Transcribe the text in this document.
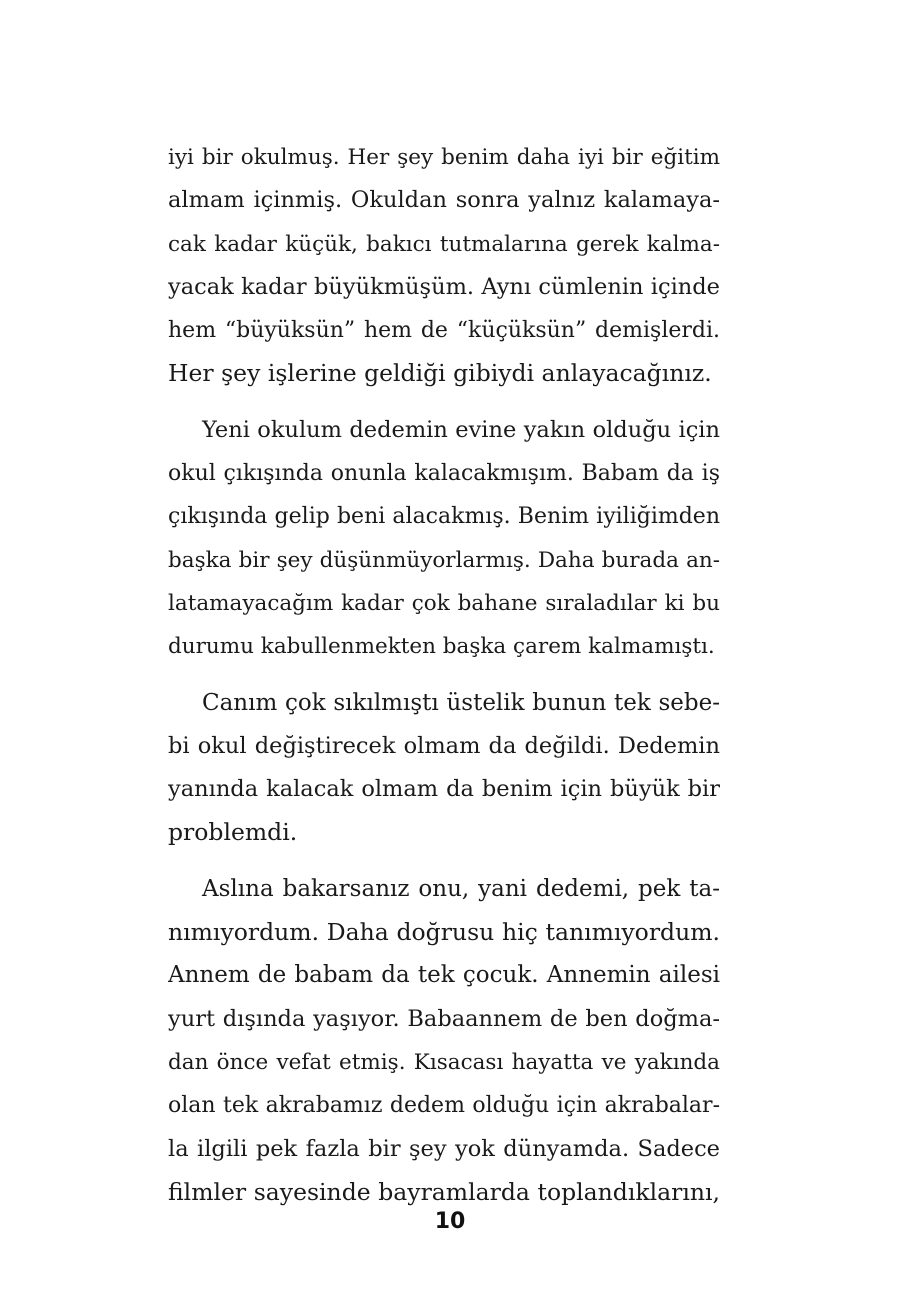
iyi bir okulmuş. Her şey benim daha iyi bir eğitim
almam içinmiş. Okuldan sonra yalnız kalamaya-
cak kadar küçük, bakıcı tutmalarına gerek kalma-
yacak kadar büyükmüşüm. Aynı cümlenin içinde
hem “büyüksün” hem de “küçüksün” demişlerdi.
Her şey işlerine geldiği gibiydi anlayacağınız.

Yeni okulum dedemin evine yakın olduğu için
okul çıkışında onunla kalacakmışım. Babam da iş
çıkışında gelip beni alacakmış. Benim iyiliğimden
başka bir şey düşünmüyorlarmış. Daha burada an-
latamayacağım kadar çok bahane sıraladılar ki bu
durumu kabullenmekten başka çarem kalmamıştı.

Canım çok sıkılmıştı üstelik bunun tek sebe-
bi okul değiştirecek olmam da değildi. Dedemin
yanında kalacak olmam da benim için büyük bir
problemdi.

Aslına bakarsanız onu, yani dedemi, pek ta-
nımıyordum. Daha doğrusu hiç tanımıyordum.
Annem de babam da tek çocuk. Annemin ailesi
yurt dışında yaşıyor. Babaannem de ben doğma-
dan önce vefat etmiş. Kısacası hayatta ve yakında
olan tek akrabamız dedem olduğu için akrabalar-
la ilgili pek fazla bir şey yok dünyamda. Sadece
filmler sayesinde bayramlarda toplandıklarını,

10
